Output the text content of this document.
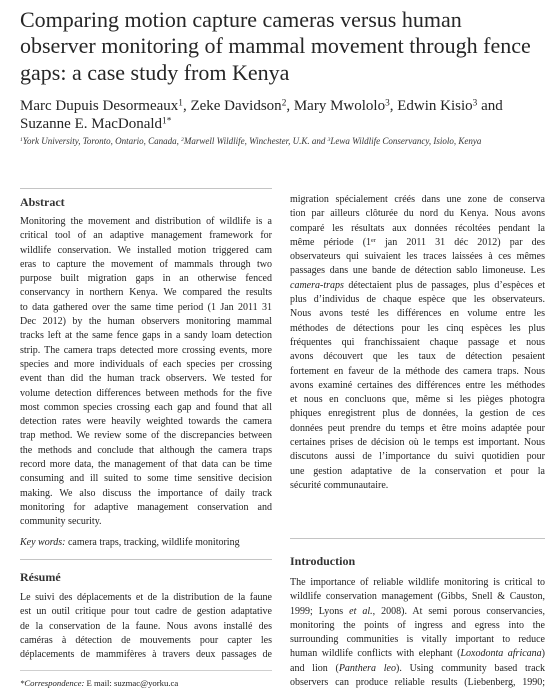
Comparing motion capture cameras versus human
observer monitoring of mammal movement through fence
gaps: a case study from Kenya
Marc Dupuis Desormeaux$^1$, Zeke Davidson$^2$, Mary Mwololo$^3$, Edwin Kisio$^3$ and
Suzanne E. MacDonald$^{1*}$
$^1$York University, Toronto, Ontario, Canada, $^2$Marwell Wildlife, Winchester, U.K. and $^3$Lewa Wildlife Conservancy, Isiolo, Kenya
Abstract
Monitoring the movement and distribution of wildlife is a
critical tool of an adaptive management framework for
wildlife conservation. We installed motion triggered cam
eras to capture the movement of mammals through two
purpose built migration gaps in an otherwise fenced
conservancy in northern Kenya. We compared the results
to data gathered over the same time period (1 Jan 2011 31
Dec 2012) by the human observers monitoring mammal
tracks left at the same fence gaps in a sandy loam detection
strip. The camera traps detected more crossing events, more
species and more individuals of each species per crossing
event than did the human track observers. We tested for
volume detection differences between methods for the five
most common species crossing each gap and found that all
detection rates were heavily weighted towards the camera
trap method. We review some of the discrepancies between
the methods and conclude that although the camera traps
record more data, the management of that data can be time
consuming and ill suited to some time sensitive decision
making. We also discuss the importance of daily track
monitoring for adaptive management conservation and
community security.
Key words: camera traps, tracking, wildlife monitoring
Résumé
Le suivi des déplacements et de la distribution de la faune
est un outil critique pour tout cadre de gestion adaptative
de la conservation de la faune. Nous avons installé des
caméras à détection de mouvements pour capter les
déplacements de mammifères à travers deux passages de
*Correspondence: E mail: suzmac@yorku.ca
migration spécialement créés dans une zone de conserva
tion par ailleurs clôturée du nord du Kenya. Nous avons
comparé les résultats aux données récoltées pendant la
même période (1er jan 2011 31 déc 2012) par des
observateurs qui suivaient les traces laissées à ces mêmes
passages dans une bande de détection sablo limoneuse. Les
camera-traps détectaient plus de passages, plus d’espèces et
plus d’individus de chaque espèce que les observateurs.
Nous avons testé les différences en volume entre les
méthodes de détections pour les cinq espèces les plus
fréquentes qui franchissaient chaque passage et nous
avons découvert que les taux de détection pesaient
fortement en faveur de la méthode des camera traps. Nous
avons examiné certaines des différences entre les méthodes
et nous en concluons que, même si les pièges photogra
phiques enregistrent plus de données, la gestion de ces
données peut prendre du temps et être moins adaptée pour
certaines prises de décision où le temps est important. Nous
discutons aussi de l’importance du suivi quotidien pour
une gestion adaptative de la conservation et pour la
sécurité communautaire.
Introduction
The importance of reliable wildlife monitoring is critical to
wildlife conservation management (Gibbs, Snell & Causton,
1999; Lyons et al., 2008). At semi porous conservancies,
monitoring the points of ingress and egress into the
surrounding communities is vitally important to reduce
human wildlife conflicts with elephant (Loxodonta africana)
and lion (Panthera leo). Using community based track
observers can produce reliable results (Liebenberg, 1990;
